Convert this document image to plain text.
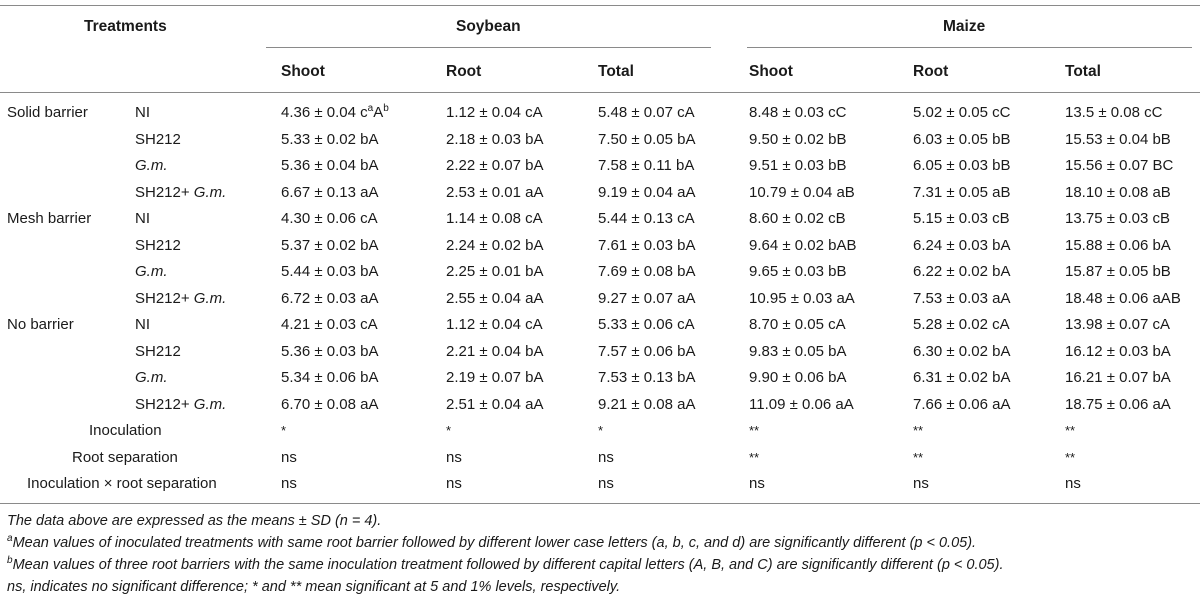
Treatments	Soybean	Maize
The data above are expressed as the means ± SD (n = 4).
$^a$Mean values of inoculated treatments with same root barrier followed by different lower case letters (a, b, c, and d) are significantly different (p < 0.05).
$^b$Mean values of three root barriers with the same inoculation treatment followed by different capital letters (A, B, and C) are significantly different (p < 0.05).
ns, indicates no significant difference; * and ** mean significant at 5 and 1% levels, respectively.
Shoot	Root	Total	Shoot	Root	Total
Solid barrier	NI	4.36 ± 0.04 $c^aA^b$	1.12 ± 0.04 cA	5.48 ± 0.07 cA	8.48 ± 0.03 cC	5.02 ± 0.05 cC	13.5 ± 0.08 cC
SH212	5.33 ± 0.02 bA	2.18 ± 0.03 bA	7.50 ± 0.05 bA	9.50 ± 0.02 bB	6.03 ± 0.05 bB	15.53 ± 0.04 bB
G.m.	5.36 ± 0.04 bA	2.22 ± 0.07 bA	7.58 ± 0.11 bA	9.51 ± 0.03 bB	6.05 ± 0.03 bB	15.56 ± 0.07 BC
SH212+ G.m.	6.67 ± 0.13 aA	2.53 ± 0.01 aA	9.19 ± 0.04 aA	10.79 ± 0.04 aB	7.31 ± 0.05 aB	18.10 ± 0.08 aB
Mesh barrier	NI	4.30 ± 0.06 cA	1.14 ± 0.08 cA	5.44 ± 0.13 cA	8.60 ± 0.02 cB	5.15 ± 0.03 cB	13.75 ± 0.03 cB
SH212	5.37 ± 0.02 bA	2.24 ± 0.02 bA	7.61 ± 0.03 bA	9.64 ± 0.02 bAB	6.24 ± 0.03 bA	15.88 ± 0.06 bA
G.m.	5.44 ± 0.03 bA	2.25 ± 0.01 bA	7.69 ± 0.08 bA	9.65 ± 0.03 bB	6.22 ± 0.02 bA	15.87 ± 0.05 bB
SH212+ G.m.	6.72 ± 0.03 aA	2.55 ± 0.04 aA	9.27 ± 0.07 aA	10.95 ± 0.03 aA	7.53 ± 0.03 aA	18.48 ± 0.06 aAB
No barrier	NI	4.21 ± 0.03 cA	1.12 ± 0.04 cA	5.33 ± 0.06 cA	8.70 ± 0.05 cA	5.28 ± 0.02 cA	13.98 ± 0.07 cA
SH212	5.36 ± 0.03 bA	2.21 ± 0.04 bA	7.57 ± 0.06 bA	9.83 ± 0.05 bA	6.30 ± 0.02 bA	16.12 ± 0.03 bA
G.m.	5.34 ± 0.06 bA	2.19 ± 0.07 bA	7.53 ± 0.13 bA	9.90 ± 0.06 bA	6.31 ± 0.02 bA	16.21 ± 0.07 bA
SH212+ G.m.	6.70 ± 0.08 aA	2.51 ± 0.04 aA	9.21 ± 0.08 aA	11.09 ± 0.06 aA	7.66 ± 0.06 aA	18.75 ± 0.06 aA
Inoculation	*	*	*	**	**	**
Root separation	ns	ns	ns	**	**	**
Inoculation × root separation	ns	ns	ns	ns	ns	ns
